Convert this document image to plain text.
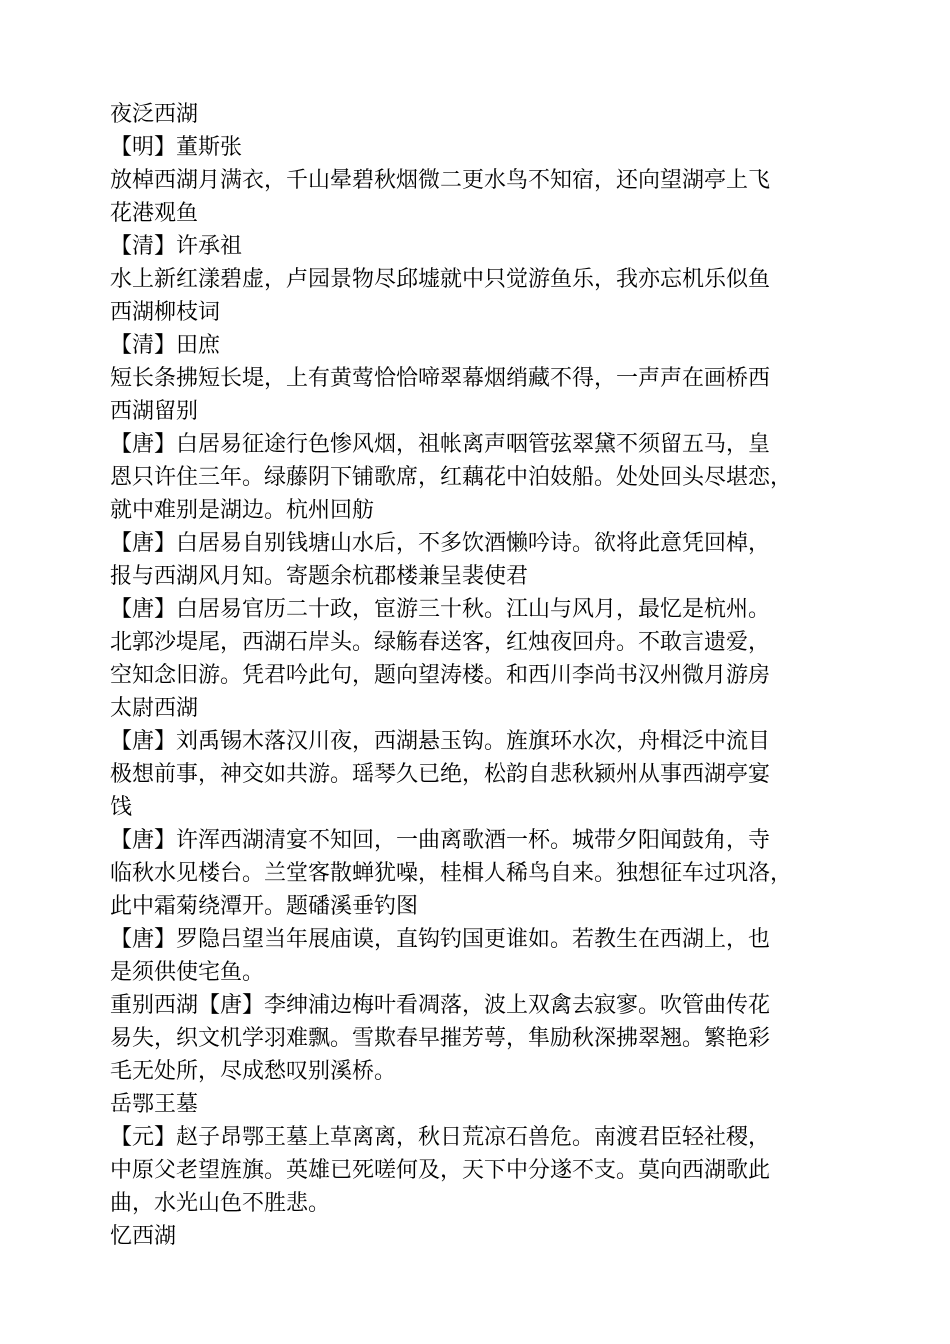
夜泛西湖
【明】董斯张
放棹西湖月满衣，千山晕碧秋烟微二更水鸟不知宿，还向望湖亭上飞
花港观鱼
【清】许承祖
水上新红漾碧虚，卢园景物尽邱墟就中只觉游鱼乐，我亦忘机乐似鱼
西湖柳枝词
【清】田庶
短长条拂短长堤，上有黄莺恰恰啼翠幕烟绡藏不得，一声声在画桥西
西湖留别
【唐】白居易征途行色惨风烟，祖帐离声咽管弦翠黛不须留五马，皇
恩只许住三年。绿藤阴下铺歌席，红藕花中泊妓船。处处回头尽堪恋，
就中难别是湖边。杭州回舫
【唐】白居易自别钱塘山水后，不多饮酒懒吟诗。欲将此意凭回棹，
报与西湖风月知。寄题余杭郡楼兼呈裴使君
【唐】白居易官历二十政，宦游三十秋。江山与风月，最忆是杭州。
北郭沙堤尾，西湖石岸头。绿觞春送客，红烛夜回舟。不敢言遗爱，
空知念旧游。凭君吟此句，题向望涛楼。和西川李尚书汉州微月游房
太尉西湖
【唐】刘禹锡木落汉川夜，西湖悬玉钩。旌旗环水次，舟楫泛中流目
极想前事，神交如共游。瑶琴久已绝，松韵自悲秋颍州从事西湖亭宴
饯
【唐】许浑西湖清宴不知回，一曲离歌酒一杯。城带夕阳闻鼓角，寺
临秋水见楼台。兰堂客散蝉犹噪，桂楫人稀鸟自来。独想征车过巩洛，
此中霜菊绕潭开。题磻溪垂钓图
【唐】罗隐吕望当年展庙谟，直钩钓国更谁如。若教生在西湖上，也
是须供使宅鱼。
重别西湖【唐】李绅浦边梅叶看凋落，波上双禽去寂寥。吹管曲传花
易失，织文机学羽难飘。雪欺春早摧芳萼，隼励秋深拂翠翘。繁艳彩
毛无处所，尽成愁叹别溪桥。
岳鄂王墓
【元】赵子昂鄂王墓上草离离，秋日荒凉石兽危。南渡君臣轻社稷，
中原父老望旌旗。英雄已死嗟何及，天下中分遂不支。莫向西湖歌此
曲，水光山色不胜悲。
忆西湖
